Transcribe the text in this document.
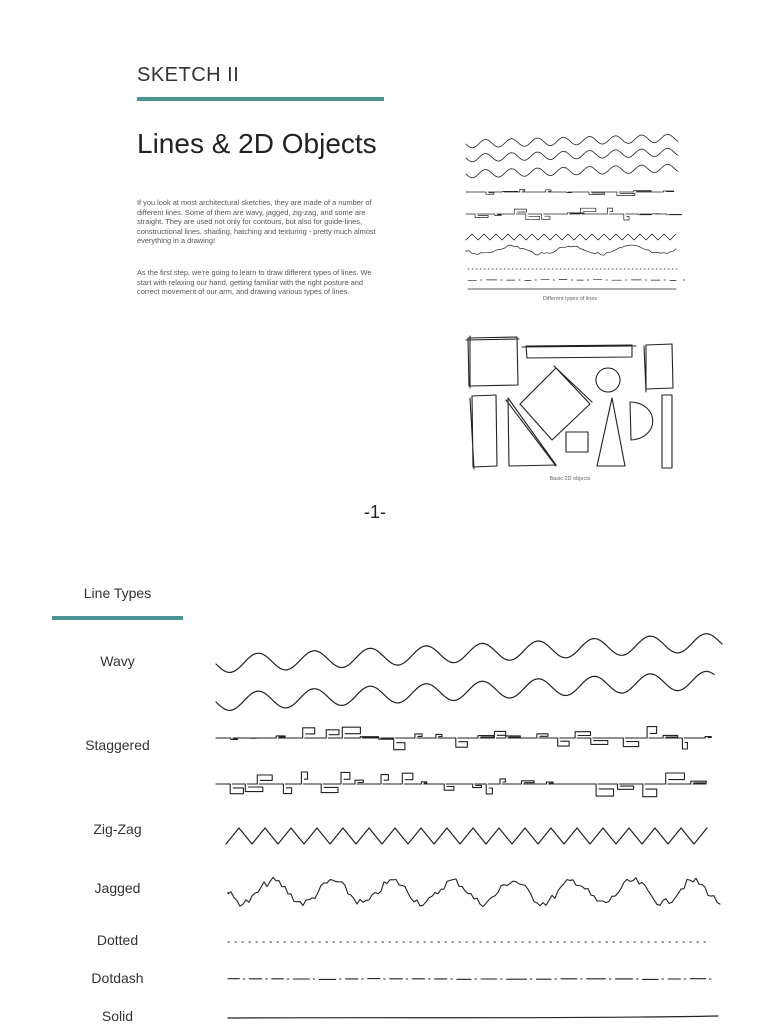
SKETCH II
Lines & 2D Objects
If you look at most architectural sketches, they are made of a number of different lines. Some of them are wavy, jagged, zig-zag, and some are straight. They are used not only for contours, but also for guide-lines, constructional lines, shading, hatching and texturing - pretty much almost everything in a drawing!
As the first step, we're going to learn to draw different types of lines. We start with relaxing our hand, getting familiar with the right posture and correct movement of our arm, and drawing various types of lines.
Different types of lines
Basic 2D objects
-1-
Line Types
Wavy
Staggered
Zig-Zag
Jagged
Dotted
Dotdash
Solid
